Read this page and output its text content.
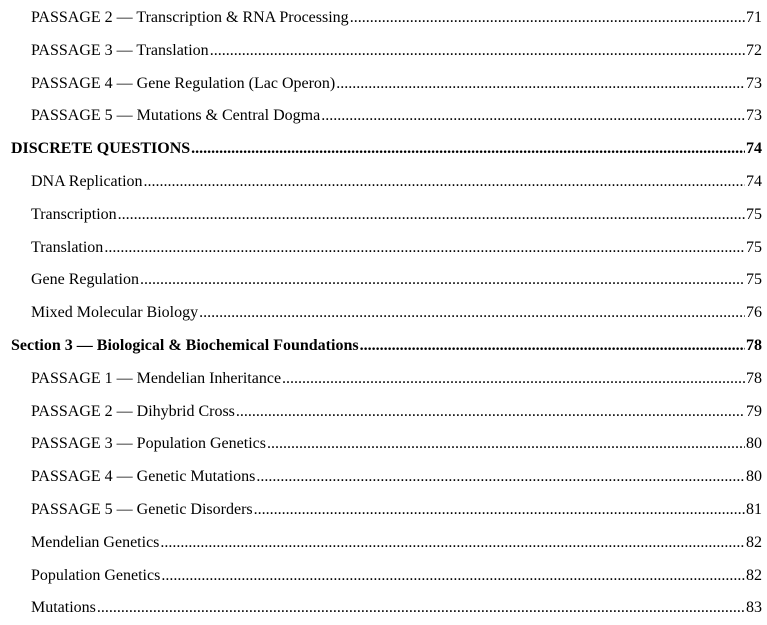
PASSAGE 2 — Transcription & RNA Processing .....	71
PASSAGE 3 — Translation .....	72
PASSAGE 4 — Gene Regulation (Lac Operon) .....	73
PASSAGE 5 — Mutations & Central Dogma .....	73
DISCRETE QUESTIONS .....	74
DNA Replication .....	74
Transcription .....	75
Translation .....	75
Gene Regulation .....	75
Mixed Molecular Biology .....	76
Section 3 — Biological & Biochemical Foundations .....	78
PASSAGE 1 — Mendelian Inheritance .....	78
PASSAGE 2 — Dihybrid Cross .....	79
PASSAGE 3 — Population Genetics .....	80
PASSAGE 4 — Genetic Mutations .....	80
PASSAGE 5 — Genetic Disorders .....	81
Mendelian Genetics .....	82
Population Genetics .....	82
Mutations .....	83
